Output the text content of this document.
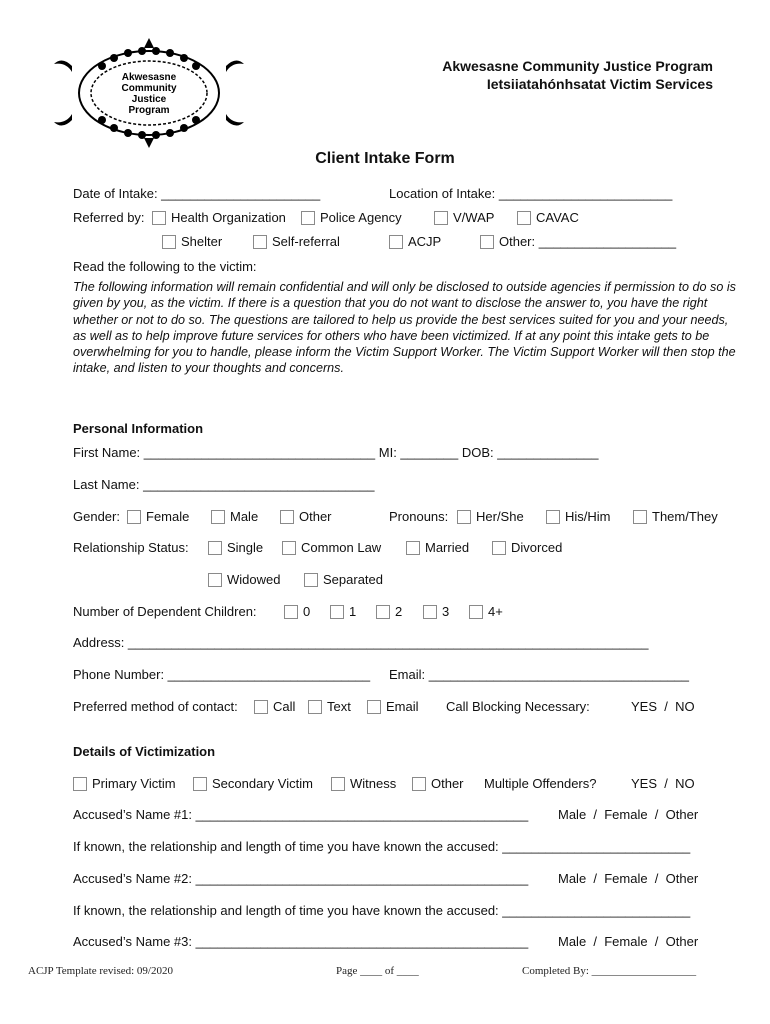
Akwesasne
Community
Justice
Program
Akwesasne Community Justice Program
Ietsiiatahónhsatat Victim Services
Client Intake Form
Date of Intake: ______________________	Location of Intake: ________________________
Referred by:	Health Organization	Police Agency	V/WAP	CAVAC
Shelter	Self-referral	ACJP	Other: ___________________
Read the following to the victim:
The following information will remain confidential and will only be disclosed to outside agencies if permission to do so is given by you, as the victim. If there is a question that you do not want to disclose the answer to, you have the right whether or not to do so. The questions are tailored to help us provide the best services suited for you and your needs, as well as to help improve future services for others who have been victimized. If at any point this intake gets to be overwhelming for you to handle, please inform the Victim Support Worker. The Victim Support Worker will then stop the intake, and listen to your thoughts and concerns.
Personal Information
First Name: ________________________________ MI: ________ DOB: ______________
Last Name: ________________________________
Gender:	Female	Male	Other	Pronouns:	Her/She	His/Him	Them/They
Relationship Status:	Single	Common Law	Married	Divorced
Widowed	Separated
Number of Dependent Children:	0	1	2	3	4+
Address: ________________________________________________________________________
Phone Number: ____________________________ Email: ____________________________________
Preferred method of contact:	Call	Text	Email Call Blocking Necessary:	YES  /  NO
Details of Victimization
Primary Victim	Secondary Victim	Witness	Other Multiple Offenders?	YES  /  NO
Accused’s Name #1: ______________________________________________ Male  /  Female  /  Other
If known, the relationship and length of time you have known the accused: __________________________
Accused’s Name #2: ______________________________________________ Male  /  Female  /  Other
If known, the relationship and length of time you have known the accused: __________________________
Accused’s Name #3: ______________________________________________ Male  /  Female  /  Other
ACJP Template revised: 09/2020	Page ____ of ____	Completed By: ___________________
